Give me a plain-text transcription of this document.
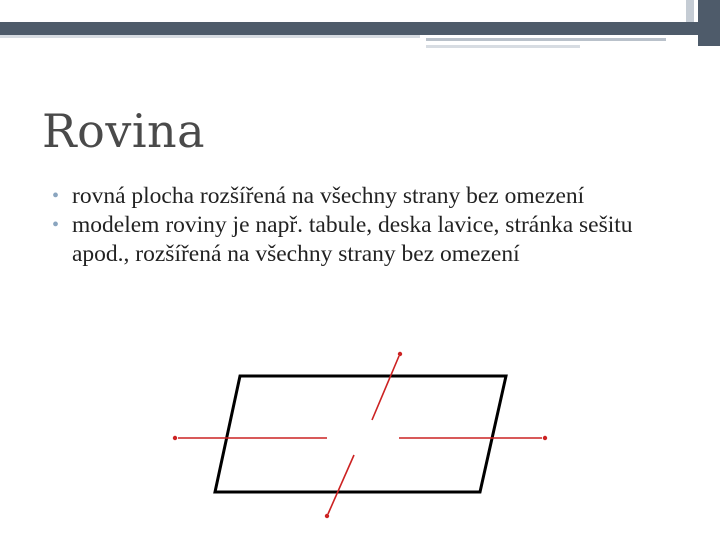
Rovina
• rovná plocha rozšířená na všechny strany bez omezení
• modelem roviny je např. tabule, deska lavice, stránka sešitu apod., rozšířená na všechny strany bez omezení
